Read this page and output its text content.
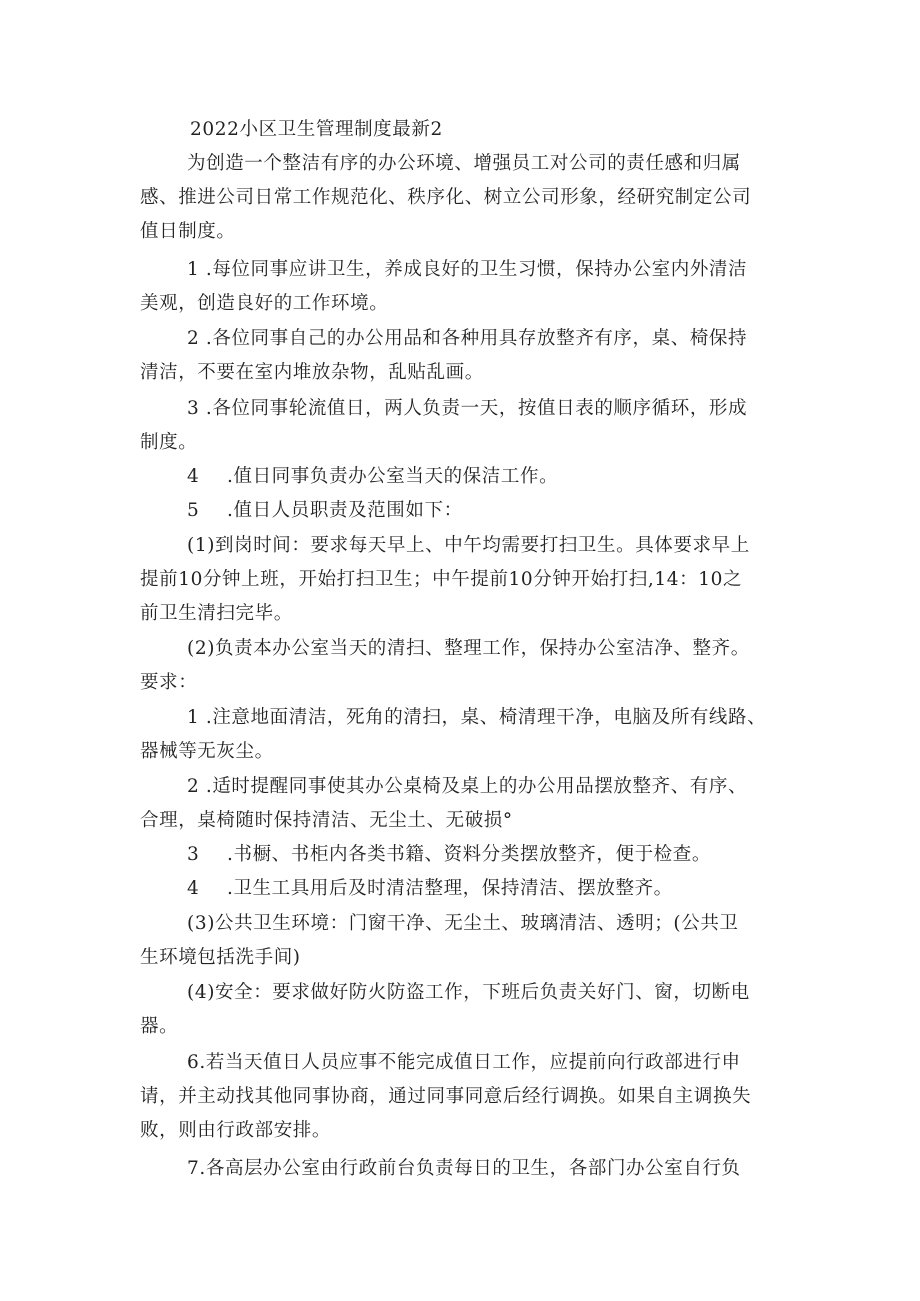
2022小区卫生管理制度最新2

为创造一个整洁有序的办公环境、增强员工对公司的责任感和归属

感、推进公司日常工作规范化、秩序化、树立公司形象，经研究制定公司

值日制度。

1 .每位同事应讲卫生，养成良好的卫生习惯，保持办公室内外清洁

美观，创造良好的工作环境。

2 .各位同事自己的办公用品和各种用具存放整齐有序，桌、椅保持

清洁，不要在室内堆放杂物，乱贴乱画。

3 .各位同事轮流值日，两人负责一天，按值日表的顺序循环，形成

制度。

4 .值日同事负责办公室当天的保洁工作。

5 .值日人员职责及范围如下：

(1)到岗时间：要求每天早上、中午均需要打扫卫生。具体要求早上

提前10分钟上班，开始打扫卫生；中午提前10分钟开始打扫,14：10之

前卫生清扫完毕。

(2)负责本办公室当天的清扫、整理工作，保持办公室洁净、整齐。

要求：

1 .注意地面清洁，死角的清扫，桌、椅清理干净，电脑及所有线路、

器械等无灰尘。

2 .适时提醒同事使其办公桌椅及桌上的办公用品摆放整齐、有序、

合理，桌椅随时保持清洁、无尘土、无破损°

3 .书橱、书柜内各类书籍、资料分类摆放整齐，便于检查。

4 .卫生工具用后及时清洁整理，保持清洁、摆放整齐。

(3)公共卫生环境：门窗干净、无尘土、玻璃清洁、透明；(公共卫

生环境包括洗手间)

(4)安全：要求做好防火防盗工作，下班后负责关好门、窗，切断电

器。

6.若当天值日人员应事不能完成值日工作，应提前向行政部进行申

请，并主动找其他同事协商，通过同事同意后经行调换。如果自主调换失

败，则由行政部安排。

7.各高层办公室由行政前台负责每日的卫生，各部门办公室自行负
